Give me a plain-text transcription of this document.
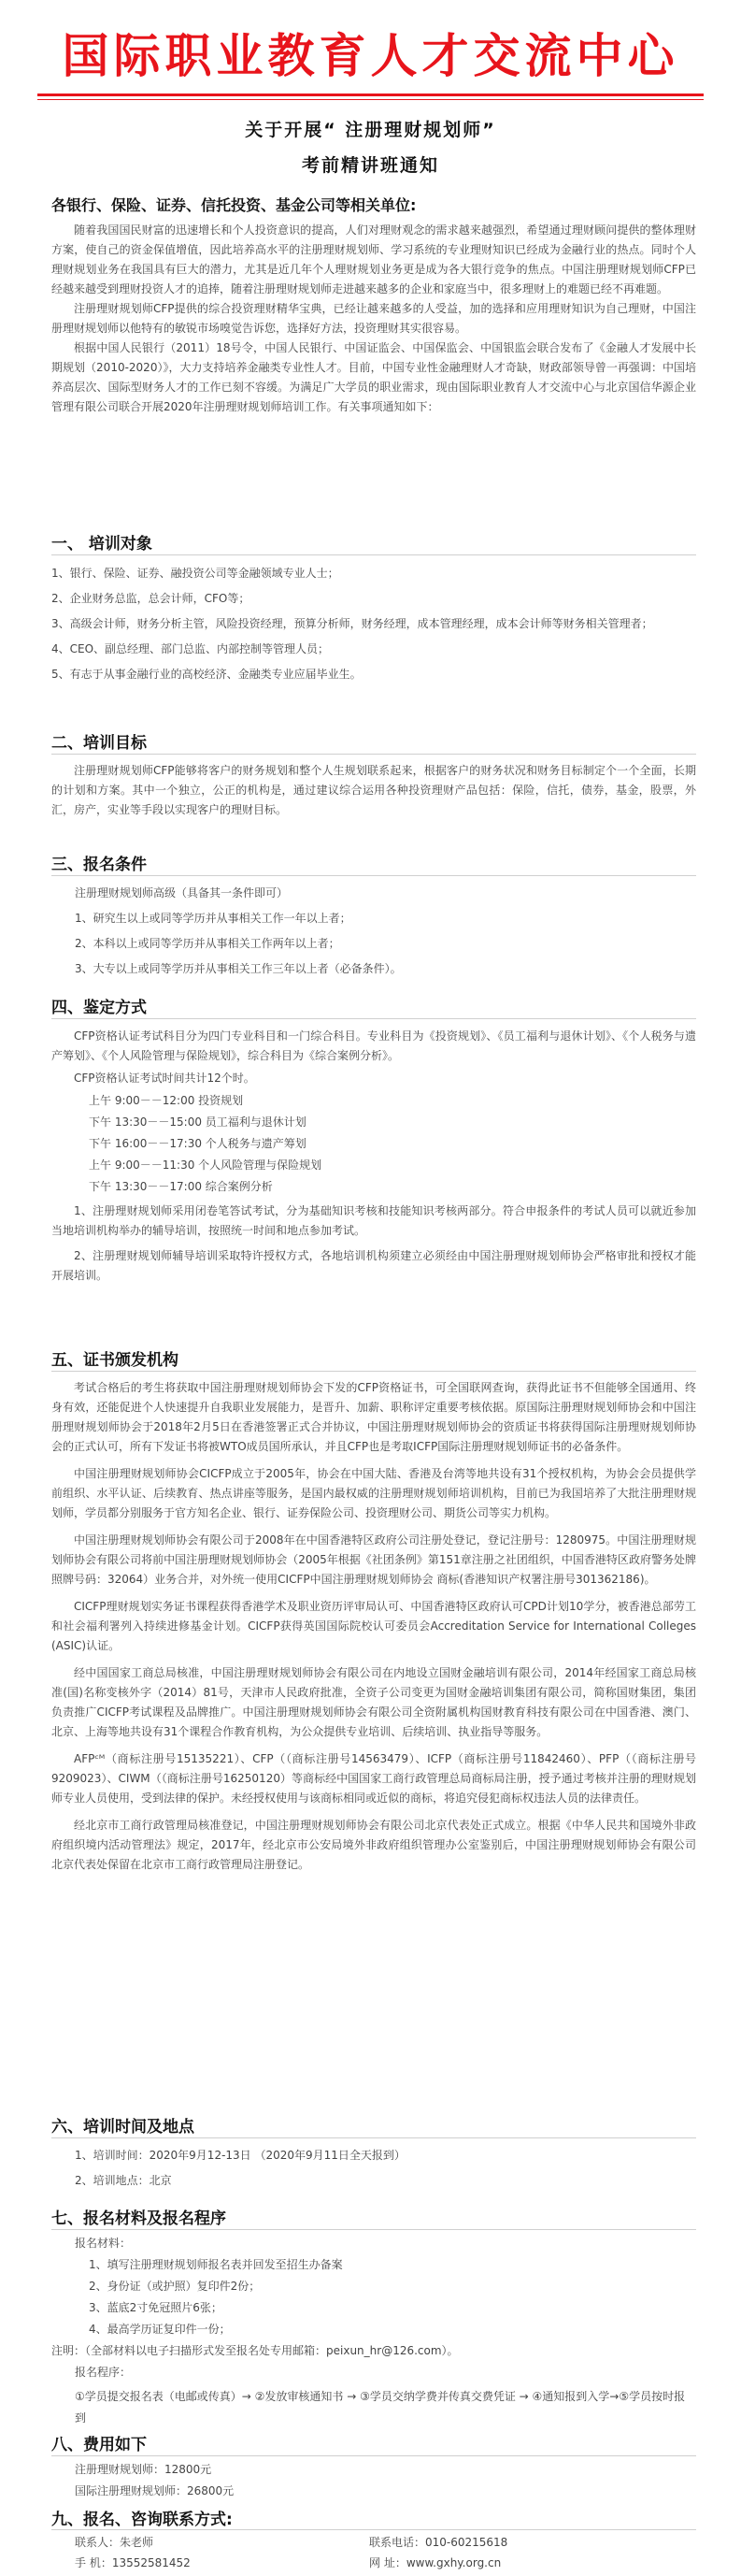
国际职业教育人才交流中心
关于开展“ 注册理财规划师”
考前精讲班通知
各银行、保险、证券、信托投资、基金公司等相关单位:

随着我国国民财富的迅速增长和个人投资意识的提高，人们对理财观念的需求越来越强烈，希望通过理财顾问提供的整体理财方案，使自己的资金保值增值，因此培养高水平的注册理财规划师、学习系统的专业理财知识已经成为金融行业的热点。同时个人理财规划业务在我国具有巨大的潜力，尤其是近几年个人理财规划业务更是成为各大银行竞争的焦点。中国注册理财规划师CFP已经越来越受到理财投资人才的追捧，随着注册理财规划师走进越来越多的企业和家庭当中，很多理财上的难题已经不再难题。

注册理财规划师CFP提供的综合投资理财精华宝典，已经让越来越多的人受益，加的选择和应用理财知识为自己理财，中国注册理财规划师以他特有的敏锐市场嗅觉告诉您，选择好方法，投资理财其实很容易。

根据中国人民银行（2011）18号令，中国人民银行、中国证监会、中国保监会、中国银监会联合发布了《金融人才发展中长期规划（2010-2020）》，大力支持培养金融类专业性人才。目前，中国专业性金融理财人才奇缺，财政部领导曾一再强调：中国培养高层次、国际型财务人才的工作已刻不容缓。为满足广大学员的职业需求，现由国际职业教育人才交流中心与北京国信华源企业管理有限公司联合开展2020年注册理财规划师培训工作。有关事项通知如下：

一、 培训对象

1、银行、保险、证券、融投资公司等金融领域专业人士；

2、企业财务总监，总会计师，CFO等；

3、高级会计师，财务分析主管，风险投资经理，预算分析师，财务经理，成本管理经理，成本会计师等财务相关管理者；

4、CEO、副总经理、部门总监、内部控制等管理人员；

5、有志于从事金融行业的高校经济、金融类专业应届毕业生。

二、培训目标

注册理财规划师CFP能够将客户的财务规划和整个人生规划联系起来，根据客户的财务状况和财务目标制定个一个全面，长期的计划和方案。其中一个独立，公正的机构是，通过建议综合运用各种投资理财产品包括：保险，信托，债券，基金，股票，外汇，房产，实业等手段以实现客户的理财目标。

三、报名条件

注册理财规划师高级（具备其一条件即可）

1、研究生以上或同等学历并从事相关工作一年以上者；

2、本科以上或同等学历并从事相关工作两年以上者；

3、大专以上或同等学历并从事相关工作三年以上者（必备条件）。

四、鉴定方式

CFP资格认证考试科目分为四门专业科目和一门综合科目。专业科目为《投资规划》、《员工福利与退休计划》、《个人税务与遗产筹划》、《个人风险管理与保险规划》，综合科目为《综合案例分析》。

CFP资格认证考试时间共计12个时。

上午 9:00－－12:00 投资规划

下午 13:30－－15:00 员工福利与退休计划

下午 16:00－－17:30 个人税务与遗产筹划

上午 9:00－－11:30 个人风险管理与保险规划

下午 13:30－－17:00 综合案例分析

1、注册理财规划师采用闭卷笔答试考试，分为基础知识考核和技能知识考核两部分。符合申报条件的考试人员可以就近参加当地培训机构举办的辅导培训，按照统一时间和地点参加考试。

2、注册理财规划师辅导培训采取特许授权方式，各地培训机构须建立必须经由中国注册理财规划师协会严格审批和授权才能开展培训。

五、证书颁发机构

考试合格后的考生将获取中国注册理财规划师协会下发的CFP资格证书，可全国联网查询，获得此证书不但能够全国通用、终身有效，还能促进个人快速提升自我职业发展能力，是晋升、加薪、职称评定重要考核依据。原国际注册理财规划师协会和中国注册理财规划师协会于2018年2月5日在香港签署正式合并协议，中国注册理财规划师协会的资质证书将获得国际注册理财规划师协会的正式认可，所有下发证书将被WTO成员国所承认，并且CFP也是考取ICFP国际注册理财规划师证书的必备条件。

中国注册理财规划师协会CICFP成立于2005年，协会在中国大陆、香港及台湾等地共设有31个授权机构，为协会会员提供学前组织、水平认证、后续教育、热点讲座等服务，是国内最权威的注册理财规划师培训机构，目前已为我国培养了大批注册理财规划师，学员都分别服务于官方知名企业、银行、证券保险公司、投资理财公司、期货公司等实力机构。

中国注册理财规划师协会有限公司于2008年在中国香港特区政府公司注册处登记，登记注册号：1280975。中国注册理财规划师协会有限公司将前中国注册理财规划师协会（2005年根据《社团条例》第151章注册之社团组织，中国香港特区政府警务处牌照牌号码：32064）业务合并，对外统一使用CICFP中国注册理财规划师协会 商标(香港知识产权署注册号301362186)。

CICFP理财规划实务证书课程获得香港学术及职业资历评审局认可、中国香港特区政府认可CPD计划10学分，被香港总部劳工和社会福利署列入持续进修基金计划。CICFP获得英国国际院校认可委员会Accreditation Service for International Colleges (ASIC)认证。

经中国国家工商总局核准，中国注册理财规划师协会有限公司在内地设立国财金融培训有限公司，2014年经国家工商总局核准(国)名称变核外字（2014）81号，天津市人民政府批准，全资子公司变更为国财金融培训集团有限公司，简称国财集团，集团负责推广CICFP考试课程及品牌推广。中国注册理财规划师协会有限公司全资附属机构国财教育科技有限公司在中国香港、澳门、北京、上海等地共设有31个课程合作教育机构，为公众提供专业培训、后续培训、执业指导等服务。

AFPᶜᴹ（商标注册号15135221）、CFP（（商标注册号14563479）、ICFP（商标注册号11842460）、PFP（（商标注册号9209023）、CIWM（（商标注册号16250120）等商标经中国国家工商行政管理总局商标局注册，授予通过考核并注册的理财规划师专业人员使用，受到法律的保护。未经授权使用与该商标相同或近似的商标，将追究侵犯商标权违法人员的法律责任。

经北京市工商行政管理局核准登记，中国注册理财规划师协会有限公司北京代表处正式成立。根据《中华人民共和国境外非政府组织境内活动管理法》规定，2017年，经北京市公安局境外非政府组织管理办公室鉴别后，中国注册理财规划师协会有限公司北京代表处保留在北京市工商行政管理局注册登记。

六、培训时间及地点

1、培训时间：2020年9月12-13日 （2020年9月11日全天报到）

2、培训地点：北京

七、报名材料及报名程序

报名材料：

1、填写注册理财规划师报名表并回发至招生办备案

2、身份证（或护照）复印件2份；

3、蓝底2寸免冠照片6张；

4、最高学历证复印件一份；

注明：（全部材料以电子扫描形式发至报名处专用邮箱：peixun_hr@126.com）。

报名程序：

①学员提交报名表（电邮或传真）→ ②发放审核通知书 → ③学员交纳学费并传真交费凭证 → ④通知报到入学→⑤学员按时报到

八、费用如下

注册理财规划师：12800元

国际注册理财规划师：26800元

九、报名、咨询联系方式:
联系人：朱老师	联系电话：010-60215618
手 机：13552581452	网 址：www.gxhy.org.cn
